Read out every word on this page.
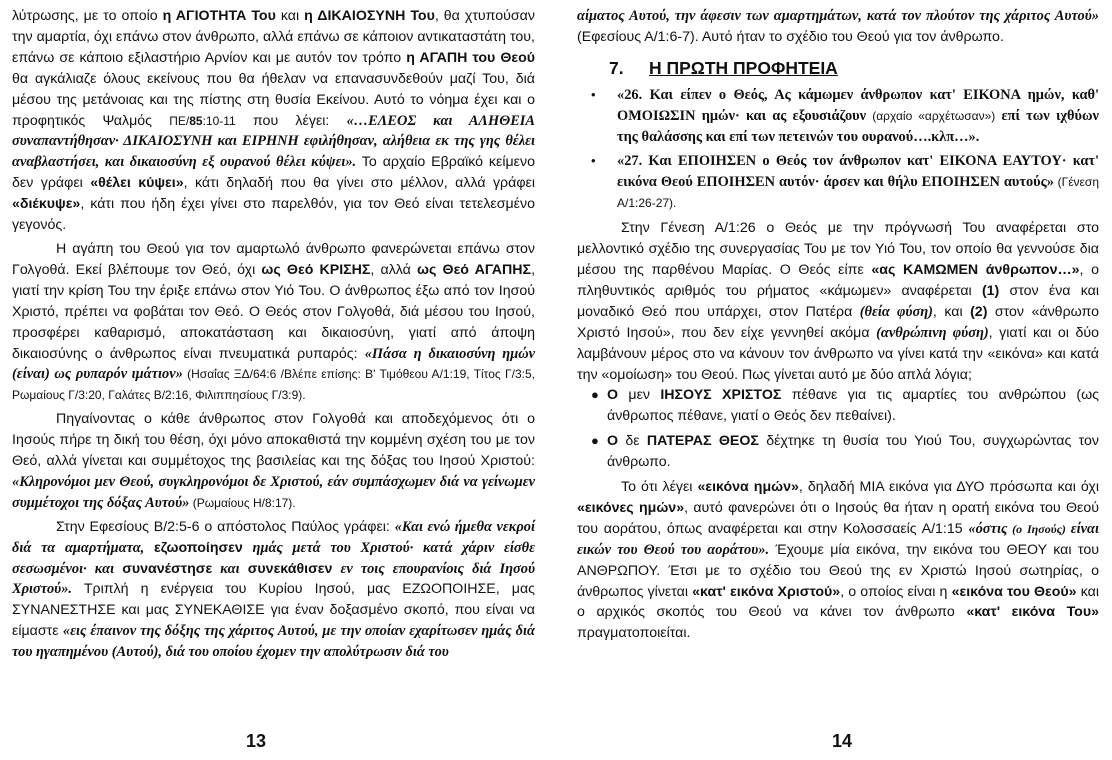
λύτρωσης, με το οποίο η ΑΓΙΟΤΗΤΑ Του και η ΔΙΚΑΙΟΣΥΝΗ Του, θα χτυπούσαν την αμαρτία, όχι επάνω στον άνθρωπο, αλλά επάνω σε κάποιον αντικαταστάτη του, επάνω σε κάποιο εξιλαστήριο Αρνίον και με αυτόν τον τρόπο η ΑΓΑΠΗ του Θεού θα αγκάλιαζε όλους εκείνους που θα ήθελαν να επανασυνδεθούν μαζί Του, διά μέσου της μετάνοιας και της πίστης στη θυσία Εκείνου. Αυτό το νόημα έχει και ο προφητικός Ψαλμός ΠΕ/85:10-11 που λέγει: «…ΕΛΕΟΣ και ΑΛΗΘΕΙΑ συναπαντήθησαν· ΔΙΚΑΙΟΣΥΝΗ και ΕΙΡΗΝΗ εφιλήθησαν, αλήθεια εκ της γης θέλει αναβλαστήσει, και δικαιοσύνη εξ ουρανού θέλει κύψει». Το αρχαίο Εβραϊκό κείμενο δεν γράφει «θέλει κύψει», κάτι δηλαδή που θα γίνει στο μέλλον, αλλά γράφει «διέκυψε», κάτι που ήδη έχει γίνει στο παρελθόν, για τον Θεό είναι τετελεσμένο γεγονός.

Η αγάπη του Θεού για τον αμαρτωλό άνθρωπο φανερώνεται επάνω στον Γολγοθά. Εκεί βλέπουμε τον Θεό, όχι ως Θεό ΚΡΙΣΗΣ, αλλά ως Θεό ΑΓΑΠΗΣ, γιατί την κρίση Του την έριξε επάνω στον Υιό Του. Ο άνθρωπος έξω από τον Ιησού Χριστό, πρέπει να φοβάται τον Θεό. Ο Θεός στον Γολγοθά, διά μέσου του Ιησού, προσφέρει καθαρισμό, αποκατάσταση και δικαιοσύνη, γιατί από άποψη δικαιοσύνης ο άνθρωπος είναι πνευματικά ρυπαρός: «Πάσα η δικαιοσύνη ημών (είναι) ως ρυπαρόν ιμάτιον» (Ησαΐας ΞΔ/64:6 /Βλέπε επίσης: Β' Τιμόθεου Α/1:19, Τίτος Γ/3:5, Ρωμαίους Γ/3:20, Γαλάτες Β/2:16, Φιλιππησίους Γ/3:9).

Πηγαίνοντας ο κάθε άνθρωπος στον Γολγοθά και αποδεχόμενος ότι ο Ιησούς πήρε τη δική του θέση, όχι μόνο αποκαθιστά την κομμένη σχέση του με τον Θεό, αλλά γίνεται και συμμέτοχος της βασιλείας και της δόξας του Ιησού Χριστού: «Κληρονόμοι μεν Θεού, συγκληρονόμοι δε Χριστού, εάν συμπάσχωμεν διά να γείνωμεν συμμέτοχοι της δόξας Αυτού» (Ρωμαίους Η/8:17).

Στην Εφεσίους Β/2:5-6 ο απόστολος Παύλος γράφει: «Και ενώ ήμεθα νεκροί διά τα αμαρτήματα, εζωοποίησεν ημάς μετά του Χριστού· κατά χάριν είσθε σεσωσμένοι· και συνανέστησε και συνεκάθισεν εν τοις επουρανίοις διά Ιησού Χριστού». Τριπλή η ενέργεια του Κυρίου Ιησού, μας ΕΖΩΟΠΟΙΗΣΕ, μας ΣΥΝΑΝΕΣΤΗΣΕ και μας ΣΥΝΕΚΑΘΙΣΕ για έναν δοξασμένο σκοπό, που είναι να είμαστε «εις έπαινον της δόξης της χάριτος Αυτού, με την οποίαν εχαρίτωσεν ημάς διά του ηγαπημένου (Αυτού), διά του οποίου έχομεν την απολύτρωσιν διά του

13

αίματος Αυτού, την άφεσιν των αμαρτημάτων, κατά τον πλούτον της χάριτος Αυτού» (Εφεσίους Α/1:6-7). Αυτό ήταν το σχέδιο του Θεού για τον άνθρωπο.

7.	Η ΠΡΩΤΗ ΠΡΟΦΗΤΕΙΑ
• «26. Και είπεν ο Θεός, Ας κάμωμεν άνθρωπον κατ' ΕΙΚΟΝΑ ημών, καθ' ΟΜΟΙΩΣΙΝ ημών· και ας εξουσιάζουν (αρχαίο «αρχέτωσαν») επί των ιχθύων της θαλάσσης και επί των πετεινών του ουρανού….κλπ…».
• «27. Και ΕΠΟΙΗΣΕΝ ο Θεός τον άνθρωπον κατ' ΕΙΚΟΝΑ ΕΑΥΤΟΥ· κατ' εικόνα Θεού ΕΠΟΙΗΣΕΝ αυτόν· άρσεν και θήλυ ΕΠΟΙΗΣΕΝ αυτούς» (Γένεση Α/1:26-27).

Στην Γένεση Α/1:26 ο Θεός με την πρόγνωσή Του αναφέρεται στο μελλοντικό σχέδιο της συνεργασίας Του με τον Υιό Του, τον οποίο θα γεννούσε δια μέσου της παρθένου Μαρίας. Ο Θεός είπε «ας ΚΑΜΩΜΕΝ άνθρωπον…», ο πληθυντικός αριθμός του ρήματος «κάμωμεν» αναφέρεται (1) στον ένα και μοναδικό Θεό που υπάρχει, στον Πατέρα (θεία φύση), και (2) στον «άνθρωπο Χριστό Ιησού», που δεν είχε γεννηθεί ακόμα (ανθρώπινη φύση), γιατί και οι δύο λαμβάνουν μέρος στο να κάνουν τον άνθρωπο να γίνει κατά την «εικόνα» και κατά την «ομοίωση» του Θεού. Πως γίνεται αυτό με δύο απλά λόγια;

● Ο μεν ΙΗΣΟΥΣ ΧΡΙΣΤΟΣ πέθανε για τις αμαρτίες του ανθρώπου (ως άνθρωπος πέθανε, γιατί ο Θεός δεν πεθαίνει).
● Ο δε ΠΑΤΕΡΑΣ ΘΕΟΣ δέχτηκε τη θυσία του Υιού Του, συγχωρώντας τον άνθρωπο.

Το ότι λέγει «εικόνα ημών», δηλαδή ΜΙΑ εικόνα για ΔΥΟ πρόσωπα και όχι «εικόνες ημών», αυτό φανερώνει ότι ο Ιησούς θα ήταν η ορατή εικόνα του Θεού του αοράτου, όπως αναφέρεται και στην Κολοσσαείς Α/1:15 «όστις (ο Ιησούς) είναι εικών του Θεού του αοράτου». Έχουμε μία εικόνα, την εικόνα του ΘΕΟΥ και του ΑΝΘΡΩΠΟΥ. Έτσι με το σχέδιο του Θεού της εν Χριστώ Ιησού σωτηρίας, ο άνθρωπος γίνεται «κατ' εικόνα Χριστού», ο οποίος είναι η «εικόνα του Θεού» και ο αρχικός σκοπός του Θεού να κάνει τον άνθρωπο «κατ' εικόνα Του» πραγματοποιείται.

14
